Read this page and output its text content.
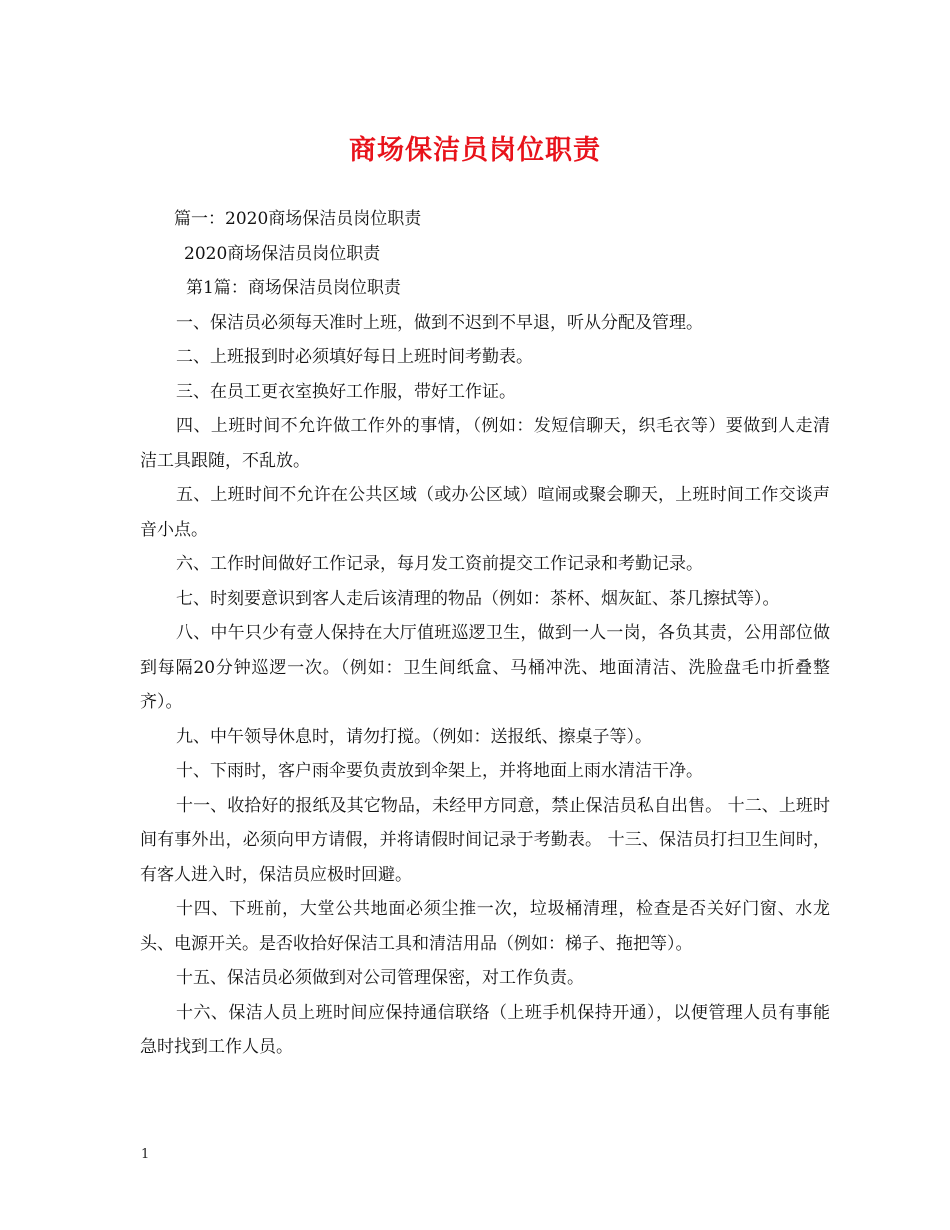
商场保洁员岗位职责

篇一：2020商场保洁员岗位职责

2020商场保洁员岗位职责

第1篇：商场保洁员岗位职责

一、保洁员必须每天准时上班，做到不迟到不早退，听从分配及管理。

二、上班报到时必须填好每日上班时间考勤表。

三、在员工更衣室换好工作服，带好工作证。

四、上班时间不允许做工作外的事情，（例如：发短信聊天，织毛衣等）要做到人走清洁工具跟随，不乱放。

五、上班时间不允许在公共区域（或办公区域）喧闹或聚会聊天，上班时间工作交谈声音小点。

六、工作时间做好工作记录，每月发工资前提交工作记录和考勤记录。

七、时刻要意识到客人走后该清理的物品（例如：茶杯、烟灰缸、茶几擦拭等）。

八、中午只少有壹人保持在大厅值班巡逻卫生，做到一人一岗，各负其责，公用部位做到每隔20分钟巡逻一次。（例如：卫生间纸盒、马桶冲洗、地面清洁、洗脸盘毛巾折叠整齐）。

九、中午领导休息时，请勿打搅。（例如：送报纸、擦桌子等）。

十、下雨时，客户雨伞要负责放到伞架上，并将地面上雨水清洁干净。

十一、收拾好的报纸及其它物品，未经甲方同意，禁止保洁员私自出售。 十二、上班时间有事外出，必须向甲方请假，并将请假时间记录于考勤表。 十三、保洁员打扫卫生间时，有客人进入时，保洁员应极时回避。

十四、下班前，大堂公共地面必须尘推一次，垃圾桶清理，检查是否关好门窗、水龙头、电源开关。是否收拾好保洁工具和清洁用品（例如：梯子、拖把等）。

十五、保洁员必须做到对公司管理保密，对工作负责。

十六、保洁人员上班时间应保持通信联络（上班手机保持开通），以便管理人员有事能急时找到工作人员。

1
